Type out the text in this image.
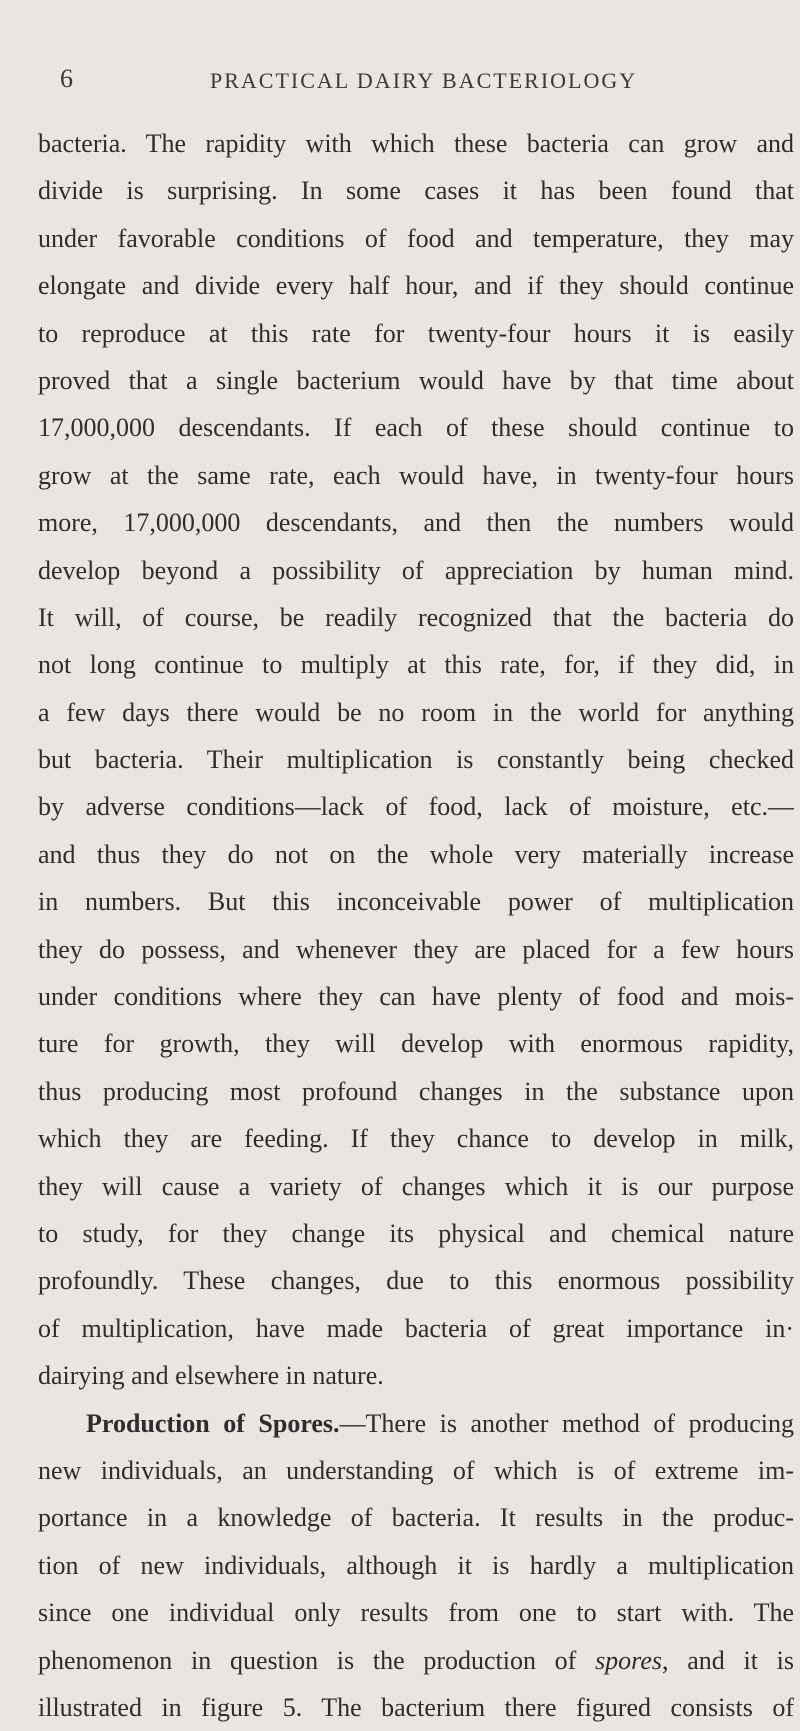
6	PRACTICAL DAIRY BACTERIOLOGY
bacteria. The rapidity with which these bacteria can grow and
divide is surprising. In some cases it has been found that
under favorable conditions of food and temperature, they may
elongate and divide every half hour, and if they should continue
to reproduce at this rate for twenty-four hours it is easily
proved that a single bacterium would have by that time about
17,000,000 descendants. If each of these should continue to
grow at the same rate, each would have, in twenty-four hours
more, 17,000,000 descendants, and then the numbers would
develop beyond a possibility of appreciation by human mind.
It will, of course, be readily recognized that the bacteria do
not long continue to multiply at this rate, for, if they did, in
a few days there would be no room in the world for anything
but bacteria. Their multiplication is constantly being checked
by adverse conditions—lack of food, lack of moisture, etc.—
and thus they do not on the whole very materially increase
in numbers. But this inconceivable power of multiplication
they do possess, and whenever they are placed for a few hours
under conditions where they can have plenty of food and mois-
ture for growth, they will develop with enormous rapidity,
thus producing most profound changes in the substance upon
which they are feeding. If they chance to develop in milk,
they will cause a variety of changes which it is our purpose
to study, for they change its physical and chemical nature
profoundly. These changes, due to this enormous possibility
of multiplication, have made bacteria of great importance in·
dairying and elsewhere in nature.
Production of Spores.—There is another method of producing
new individuals, an understanding of which is of extreme im-
portance in a knowledge of bacteria. It results in the produc-
tion of new individuals, although it is hardly a multiplication
since one individual only results from one to start with. The
phenomenon in question is the production of spores, and it is
illustrated in figure 5. The bacterium there figured consists of
